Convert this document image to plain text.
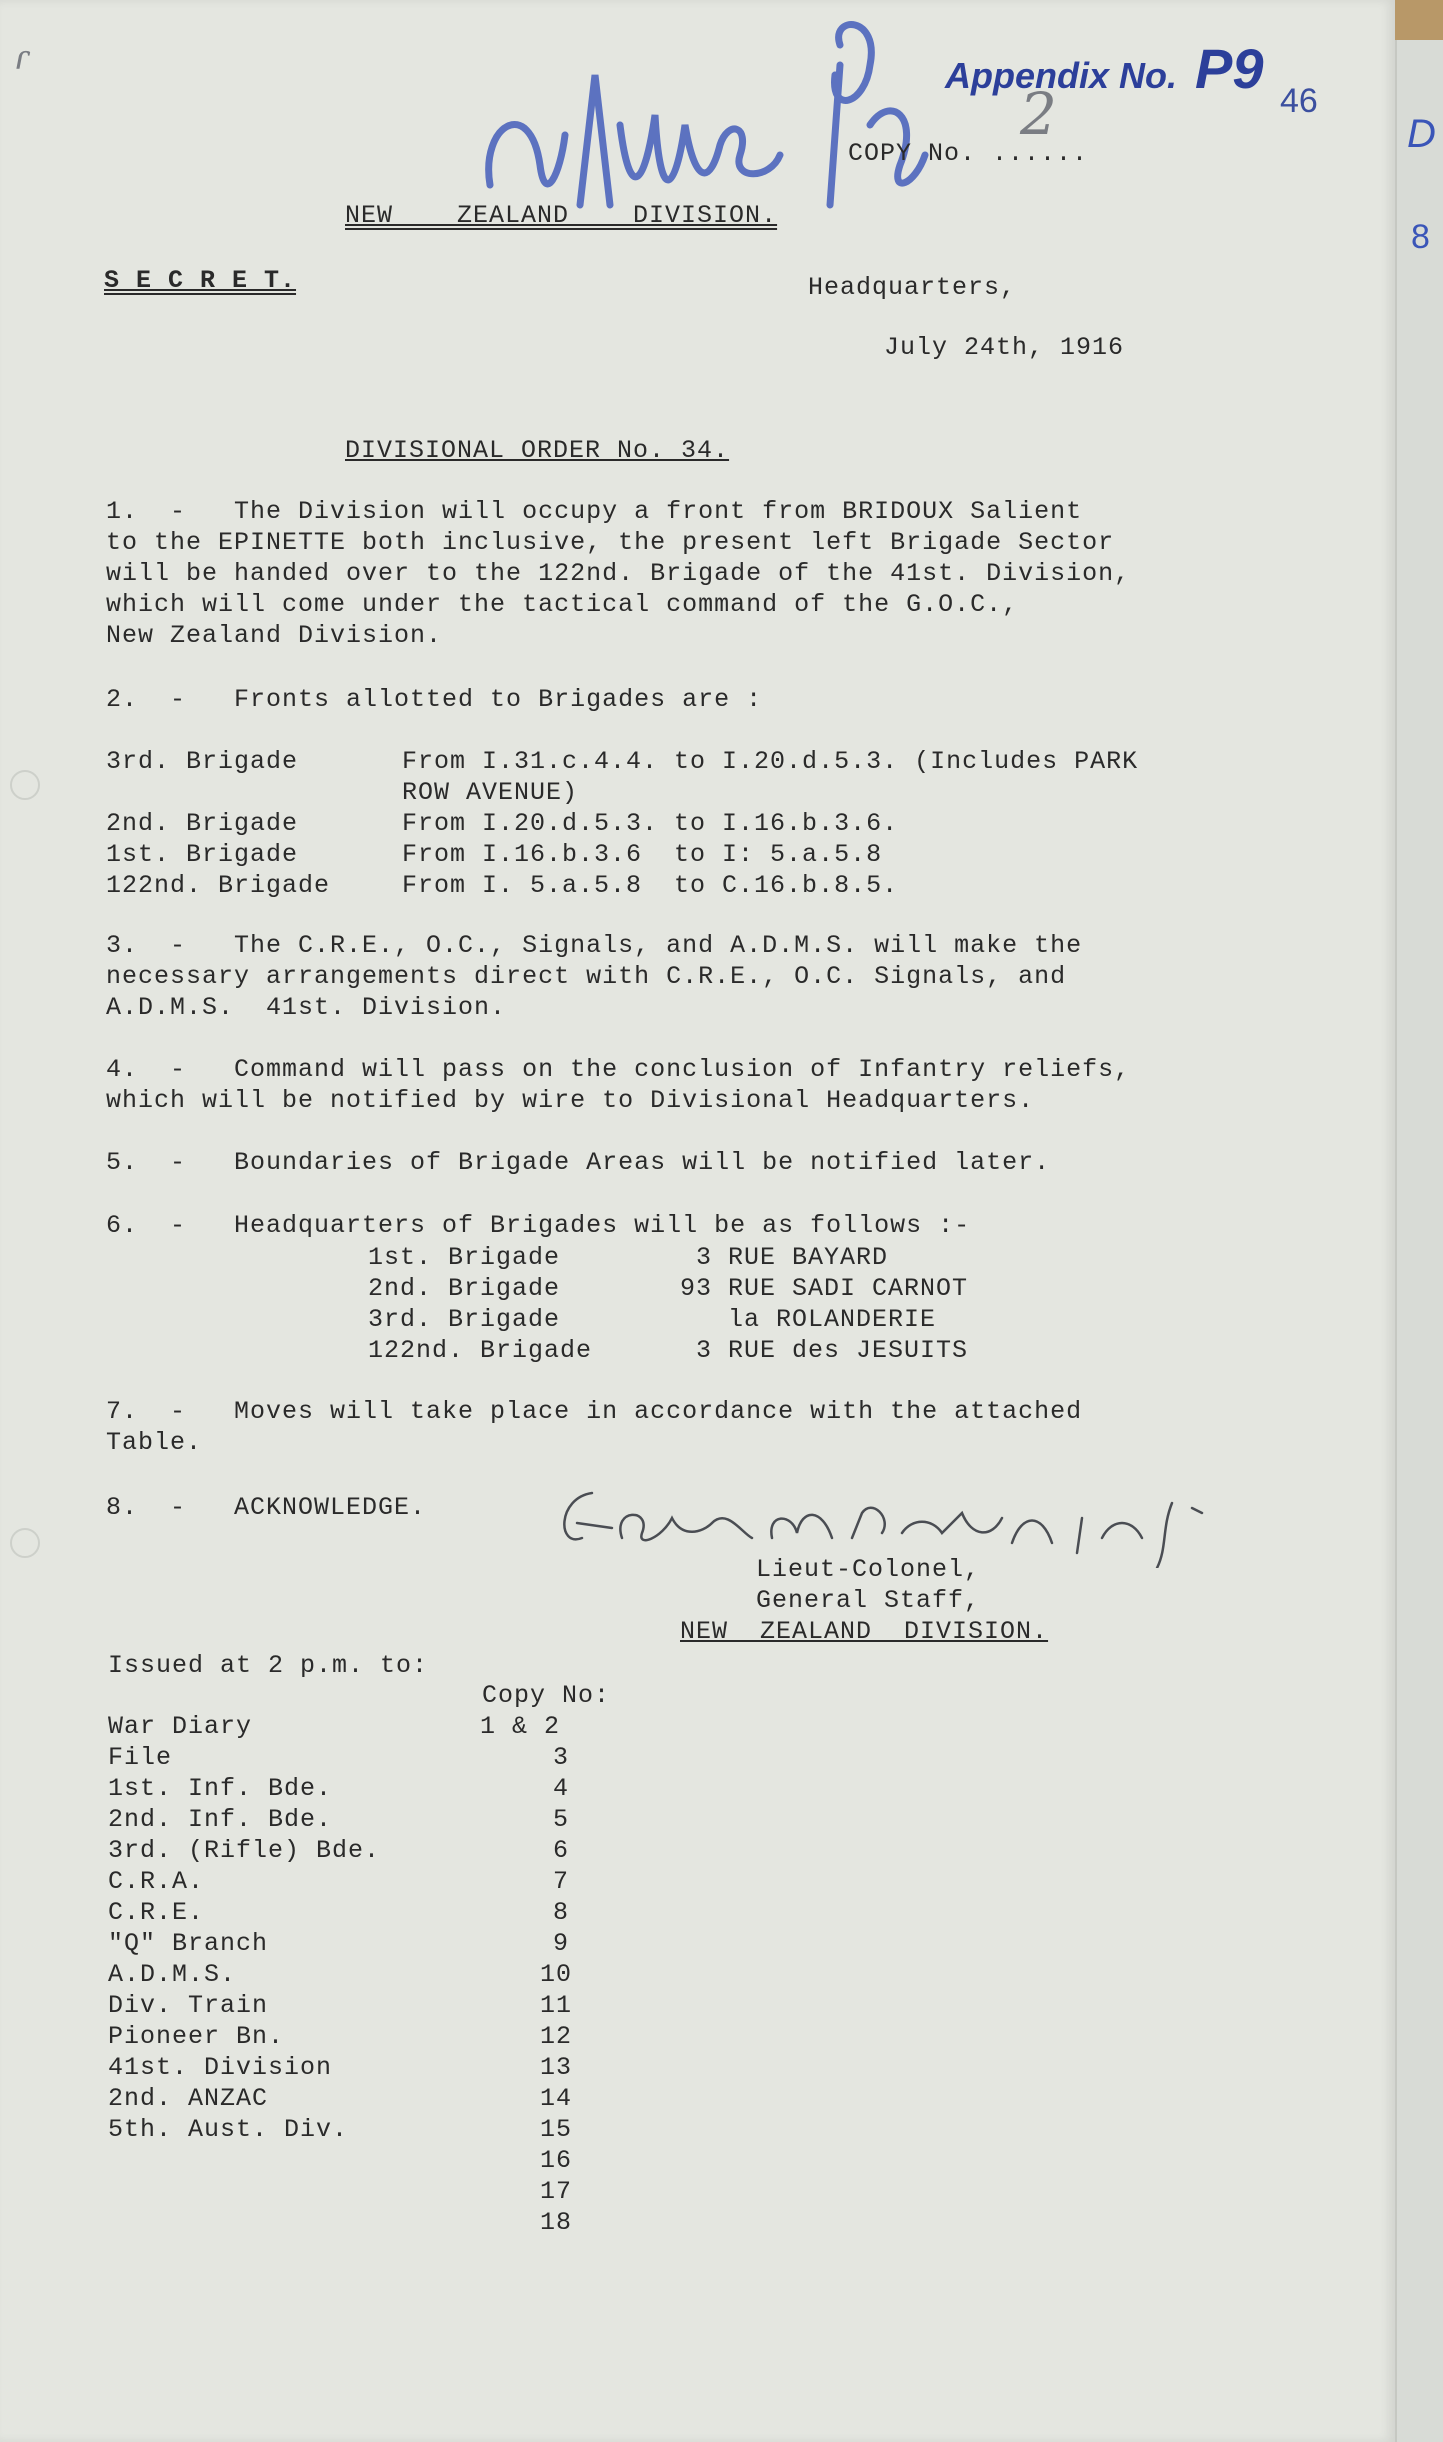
ɾ	Appendix No. P9
46
2
COPY No. ......
NEW    ZEALAND    DIVISION.
S E C R E T.	Headquarters,
July 24th, 1916
DIVISIONAL ORDER No. 34.
1.  -   The Division will occupy a front from BRIDOUX Salient
to the EPINETTE both inclusive, the present left Brigade Sector
will be handed over to the 122nd. Brigade of the 41st. Division,
which will come under the tactical command of the G.O.C.,
New Zealand Division.
2.  -   Fronts allotted to Brigades are :
3rd. Brigade	From I.31.c.4.4. to I.20.d.5.3. (Includes PARK
ROW AVENUE)
2nd. Brigade	From I.20.d.5.3. to I.16.b.3.6.
1st. Brigade	From I.16.b.3.6  to I: 5.a.5.8
122nd. Brigade	From I. 5.a.5.8  to C.16.b.8.5.
3.  -   The C.R.E., O.C., Signals, and A.D.M.S. will make the
necessary arrangements direct with C.R.E., O.C. Signals, and
A.D.M.S.  41st. Division.
4.  -   Command will pass on the conclusion of Infantry reliefs,
which will be notified by wire to Divisional Headquarters.
5.  -   Boundaries of Brigade Areas will be notified later.
6.  -   Headquarters of Brigades will be as follows :-
1st. Brigade	3 RUE BAYARD
2nd. Brigade	93 RUE SADI CARNOT
3rd. Brigade	la ROLANDERIE
122nd. Brigade	3 RUE des JESUITS
7.  -   Moves will take place in accordance with the attached
Table.
8.  -   ACKNOWLEDGE.
Lieut-Colonel,
General Staff,
NEW  ZEALAND  DIVISION.
Issued at 2 p.m. to:
Copy No:
War Diary	1 & 2
File	3
1st. Inf. Bde.	4
2nd. Inf. Bde.	5
3rd. (Rifle) Bde.	6
C.R.A.	7
C.R.E.	8
"Q" Branch	9
A.D.M.S.	10
Div. Train	11
Pioneer Bn.	12
41st. Division	13
2nd. ANZAC	14
5th. Aust. Div.	15
16
17
18
D
8
